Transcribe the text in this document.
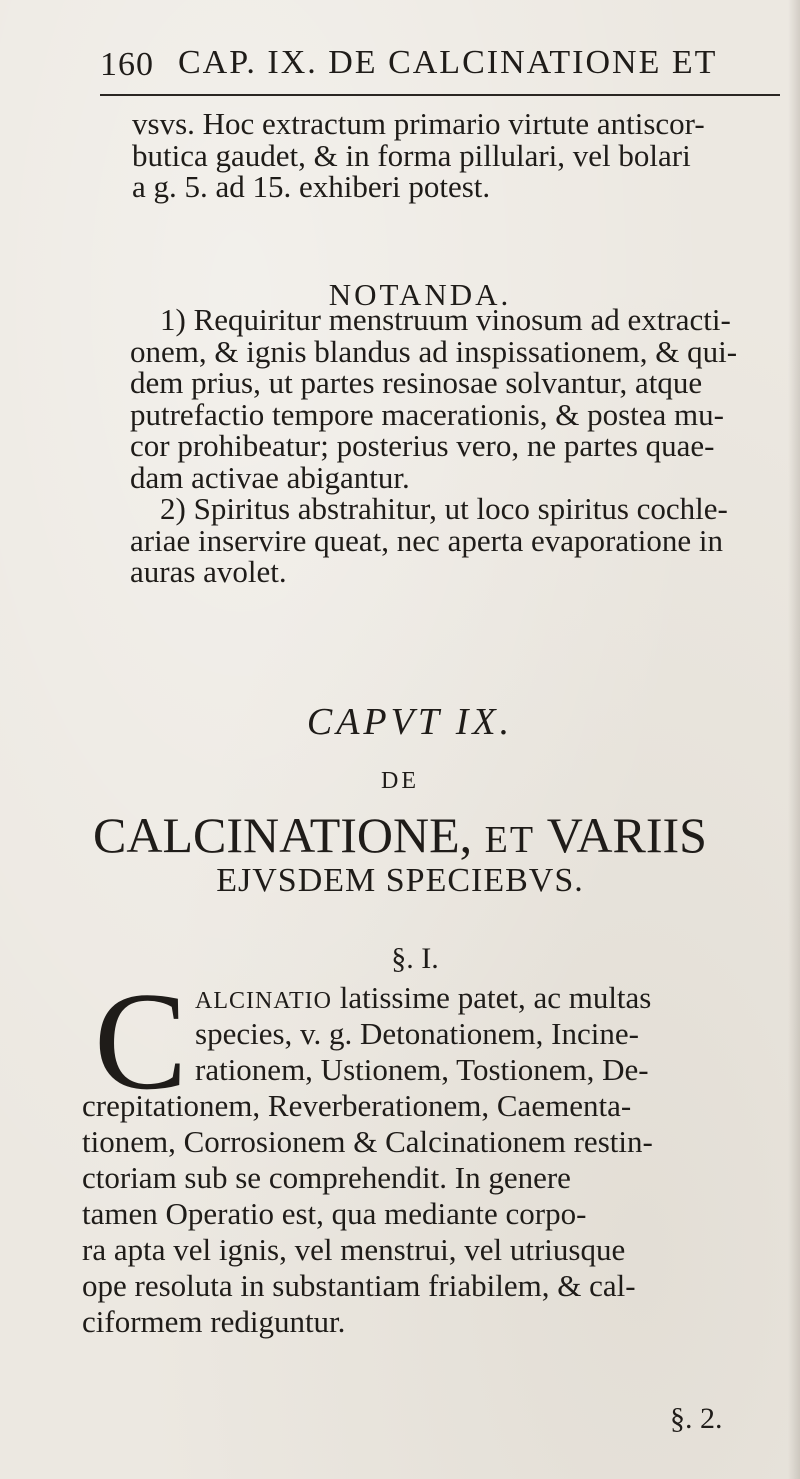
160 CAP. IX. DE CALCINATIONE ET
vsvs. Hoc extractum primario virtute antiscor-
butica gaudet, & in forma pillulari, vel bolari
a g. 5. ad 15. exhiberi potest.
NOTANDA.
1) Requiritur menstruum vinosum ad extracti-
onem, & ignis blandus ad inspissationem, & qui-
dem prius, ut partes resinosae solvantur, atque
putrefactio tempore macerationis, & postea mu-
cor prohibeatur; posterius vero, ne partes quae-
dam activae abigantur.
2) Spiritus abstrahitur, ut loco spiritus cochle-
ariae inservire queat, nec aperta evaporatione in
auras avolet.
CAPVT IX.
DE
CALCINATIONE, ET VARIIS
EJVSDEM SPECIEBVS.
§. I.
C ALCINATIO latissime patet, ac multas
species, v. g. Detonationem, Incine-
rationem, Ustionem, Tostionem, De-
crepitationem, Reverberationem, Caementa-
tionem, Corrosionem & Calcinationem restin-
ctoriam sub se comprehendit. In genere
tamen Operatio est, qua mediante corpo-
ra apta vel ignis, vel menstrui, vel utriusque
ope resoluta in substantiam friabilem, & cal-
ciformem rediguntur.
§. 2.
